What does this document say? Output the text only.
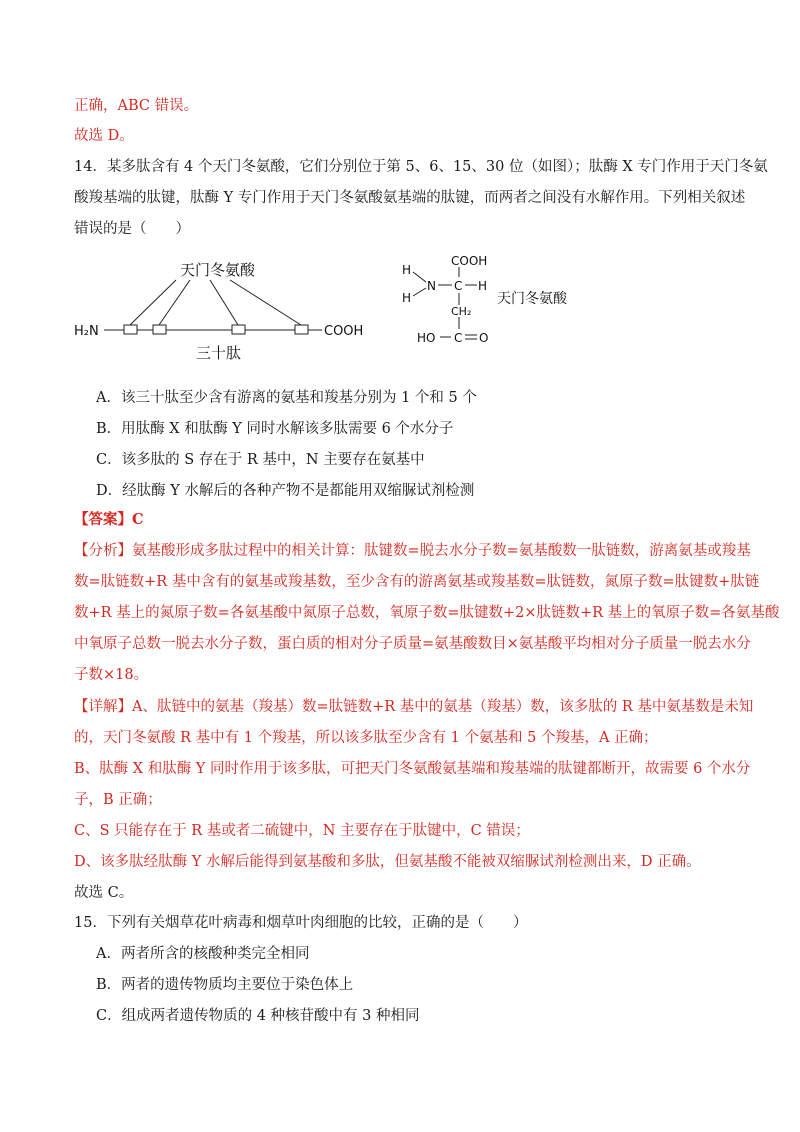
正确，ABC 错误。
故选 D。
14．某多肽含有 4 个天门冬氨酸，它们分别位于第 5、6、15、30 位（如图）；肽酶 X 专门作用于天门冬氨
酸羧基端的肽键，肽酶 Y 专门作用于天门冬氨酸氨基端的肽键，而两者之间没有水解作用。下列相关叙述
错误的是（　　）
天门冬氨酸
H₂N	COOH
三十肽
H
H
N C H
COOH
CH₂
HO C O
天门冬氨酸
A．该三十肽至少含有游离的氨基和羧基分别为 1 个和 5 个
B．用肽酶 X 和肽酶 Y 同时水解该多肽需要 6 个水分子
C．该多肽的 S 存在于 R 基中，N 主要存在氨基中
D．经肽酶 Y 水解后的各种产物不是都能用双缩脲试剂检测
【答案】C
【分析】氨基酸形成多肽过程中的相关计算：肽键数=脱去水分子数=氨基酸数一肽链数，游离氨基或羧基
数=肽链数+R 基中含有的氨基或羧基数，至少含有的游离氨基或羧基数=肽链数，氮原子数=肽键数+肽链
数+R 基上的氮原子数=各氨基酸中氮原子总数，氧原子数=肽键数+2×肽链数+R 基上的氧原子数=各氨基酸
中氧原子总数一脱去水分子数，蛋白质的相对分子质量=氨基酸数目×氨基酸平均相对分子质量一脱去水分
子数×18。
【详解】A、肽链中的氨基（羧基）数=肽链数+R 基中的氨基（羧基）数，该多肽的 R 基中氨基数是未知
的，天门冬氨酸 R 基中有 1 个羧基，所以该多肽至少含有 1 个氨基和 5 个羧基，A 正确；
B、肽酶 X 和肽酶 Y 同时作用于该多肽，可把天门冬氨酸氨基端和羧基端的肽键都断开，故需要 6 个水分
子，B 正确；
C、S 只能存在于 R 基或者二硫键中，N 主要存在于肽键中，C 错误；
D、该多肽经肽酶 Y 水解后能得到氨基酸和多肽，但氨基酸不能被双缩脲试剂检测出来，D 正确。
故选 C。
15．下列有关烟草花叶病毒和烟草叶肉细胞的比较，正确的是（　　）
A．两者所含的核酸种类完全相同
B．两者的遗传物质均主要位于染色体上
C．组成两者遗传物质的 4 种核苷酸中有 3 种相同
